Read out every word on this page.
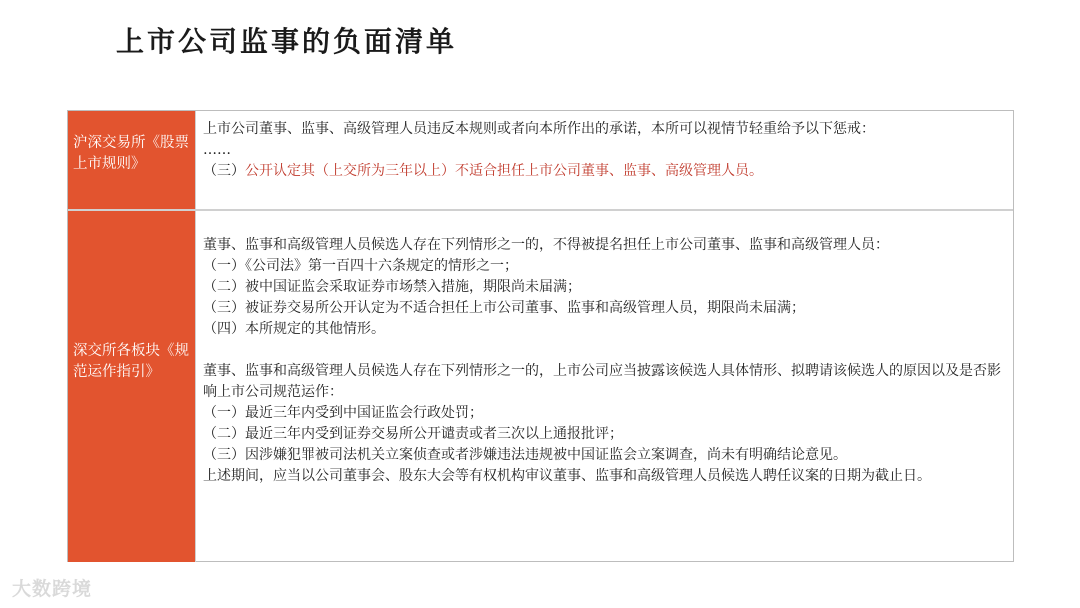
上市公司监事的负面清单
沪深交易所《股票上市规则》
上市公司董事、监事、高级管理人员违反本规则或者向本所作出的承诺，本所可以视情节轻重给予以下惩戒：
……
（三）公开认定其（上交所为三年以上）不适合担任上市公司董事、监事、高级管理人员。
深交所各板块《规范运作指引》
董事、监事和高级管理人员候选人存在下列情形之一的，不得被提名担任上市公司董事、监事和高级管理人员：
（一）《公司法》第一百四十六条规定的情形之一；
（二）被中国证监会采取证券市场禁入措施，期限尚未届满；
（三）被证券交易所公开认定为不适合担任上市公司董事、监事和高级管理人员，期限尚未届满；
（四）本所规定的其他情形。
董事、监事和高级管理人员候选人存在下列情形之一的，上市公司应当披露该候选人具体情形、拟聘请该候选人的原因以及是否影响上市公司规范运作：
（一）最近三年内受到中国证监会行政处罚；
（二）最近三年内受到证券交易所公开谴责或者三次以上通报批评；
（三）因涉嫌犯罪被司法机关立案侦查或者涉嫌违法违规被中国证监会立案调查，尚未有明确结论意见。
上述期间，应当以公司董事会、股东大会等有权机构审议董事、监事和高级管理人员候选人聘任议案的日期为截止日。
大数跨境
